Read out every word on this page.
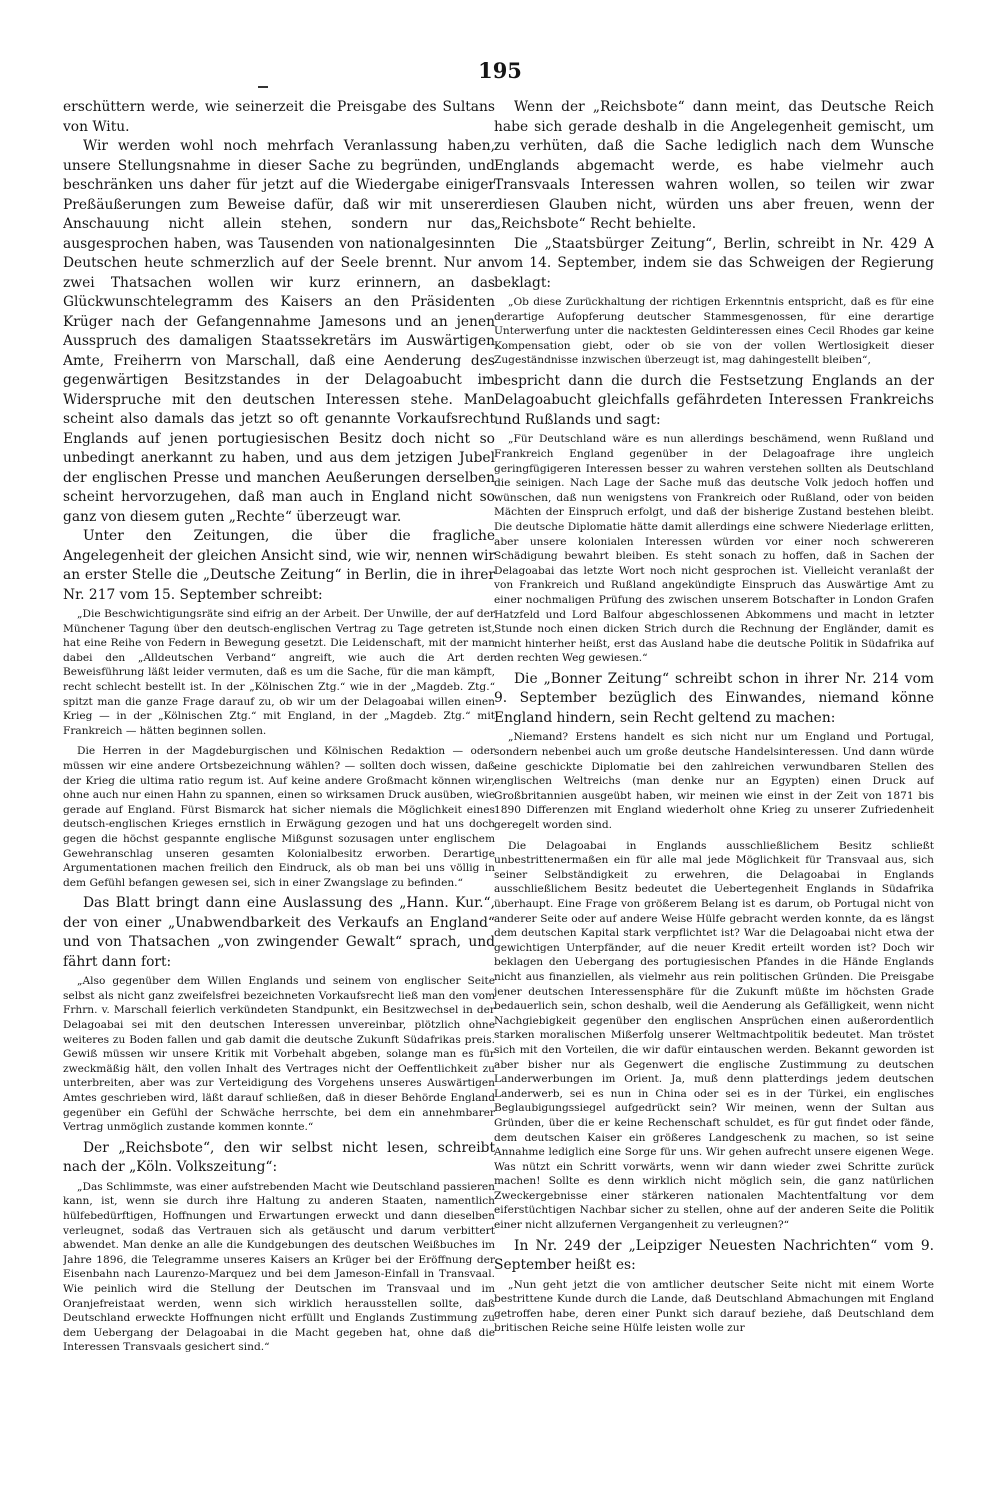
195

erschüttern werde, wie seinerzeit die Preisgabe des Sultans von Witu.

Wir werden wohl noch mehrfach Veranlassung haben, unsere Stellungsnahme in dieser Sache zu begründen, und beschränken uns daher für jetzt auf die Wiedergabe einiger Preßäußerungen zum Beweise dafür, daß wir mit unserer Anschauung nicht allein stehen, sondern nur das ausgesprochen haben, was Tausenden von nationalgesinnten Deutschen heute schmerzlich auf der Seele brennt. Nur an zwei Thatsachen wollen wir kurz erinnern, an das Glückwunschtelegramm des Kaisers an den Präsidenten Krüger nach der Gefangennahme Jamesons und an jenen Ausspruch des damaligen Staatssekretärs im Auswärtigen Amte, Freiherrn von Marschall, daß eine Aenderung des gegenwärtigen Besitzstandes in der Delagoabucht im Widerspruche mit den deutschen Interessen stehe. Man scheint also damals das jetzt so oft genannte Vorkaufsrecht Englands auf jenen portugiesischen Besitz doch nicht so unbedingt anerkannt zu haben, und aus dem jetzigen Jubel der englischen Presse und manchen Aeußerungen derselben scheint hervorzugehen, daß man auch in England nicht so ganz von diesem guten „Rechte“ überzeugt war.

Unter den Zeitungen, die über die fragliche Angelegenheit der gleichen Ansicht sind, wie wir, nennen wir an erster Stelle die „Deutsche Zeitung“ in Berlin, die in ihrer Nr. 217 vom 15. September schreibt:

„Die Beschwichtigungsräte sind eifrig an der Arbeit. Der Unwille, der auf der Münchener Tagung über den deutsch-englischen Vertrag zu Tage getreten ist, hat eine Reihe von Federn in Bewegung gesetzt. Die Leidenschaft, mit der man dabei den „Alldeutschen Verband“ angreift, wie auch die Art der Beweisführung läßt leider vermuten, daß es um die Sache, für die man kämpft, recht schlecht bestellt ist. In der „Kölnischen Ztg.“ wie in der „Magdeb. Ztg.“ spitzt man die ganze Frage darauf zu, ob wir um der Delagoabai willen einen Krieg — in der „Kölnischen Ztg.“ mit England, in der „Magdeb. Ztg.“ mit Frankreich — hätten beginnen sollen.

Die Herren in der Magdeburgischen und Kölnischen Redaktion — oder müssen wir eine andere Ortsbezeichnung wählen? — sollten doch wissen, daß der Krieg die ultima ratio regum ist. Auf keine andere Großmacht können wir, ohne auch nur einen Hahn zu spannen, einen so wirksamen Druck ausüben, wie gerade auf England. Fürst Bismarck hat sicher niemals die Möglichkeit eines deutsch-englischen Krieges ernstlich in Erwägung gezogen und hat uns doch gegen die höchst gespannte englische Mißgunst sozusagen unter englischem Gewehranschlag unseren gesamten Kolonialbesitz erworben. Derartige Argumentationen machen freilich den Eindruck, als ob man bei uns völlig in dem Gefühl befangen gewesen sei, sich in einer Zwangslage zu befinden.“

Das Blatt bringt dann eine Auslassung des „Hann. Kur.“, der von einer „Unabwendbarkeit des Verkaufs an England“ und von Thatsachen „von zwingender Gewalt“ sprach, und fährt dann fort:

„Also gegenüber dem Willen Englands und seinem von englischer Seite selbst als nicht ganz zweifelsfrei bezeichneten Vorkaufsrecht ließ man den vom Frhrn. v. Marschall feierlich verkündeten Standpunkt, ein Besitzwechsel in der Delagoabai sei mit den deutschen Interessen unvereinbar, plötzlich ohne weiteres zu Boden fallen und gab damit die deutsche Zukunft Südafrikas preis. Gewiß müssen wir unsere Kritik mit Vorbehalt abgeben, solange man es für zweckmäßig hält, den vollen Inhalt des Vertrages nicht der Oeffentlichkeit zu unterbreiten, aber was zur Verteidigung des Vorgehens unseres Auswärtigen Amtes geschrieben wird, läßt darauf schließen, daß in dieser Behörde England gegenüber ein Gefühl der Schwäche herrschte, bei dem ein annehmbarer Vertrag unmöglich zustande kommen konnte.“

Der „Reichsbote“, den wir selbst nicht lesen, schreibt nach der „Köln. Volkszeitung“:

„Das Schlimmste, was einer aufstrebenden Macht wie Deutschland passieren kann, ist, wenn sie durch ihre Haltung zu anderen Staaten, namentlich hülfebedürftigen, Hoffnungen und Erwartungen erweckt und dann dieselben verleugnet, sodaß das Vertrauen sich als getäuscht und darum verbittert abwendet. Man denke an alle die Kundgebungen des deutschen Weißbuches im Jahre 1896, die Telegramme unseres Kaisers an Krüger bei der Eröffnung der Eisenbahn nach Laurenzo-Marquez und bei dem Jameson-Einfall in Transvaal. Wie peinlich wird die Stellung der Deutschen im Transvaal und im Oranjefreistaat werden, wenn sich wirklich herausstellen sollte, daß Deutschland erweckte Hoffnungen nicht erfüllt und Englands Zustimmung zu dem Uebergang der Delagoabai in die Macht gegeben hat, ohne daß die Interessen Transvaals gesichert sind.“

Wenn der „Reichsbote“ dann meint, das Deutsche Reich habe sich gerade deshalb in die Angelegenheit gemischt, um zu verhüten, daß die Sache lediglich nach dem Wunsche Englands abgemacht werde, es habe vielmehr auch Transvaals Interessen wahren wollen, so teilen wir zwar diesen Glauben nicht, würden uns aber freuen, wenn der „Reichsbote“ Recht behielte.

Die „Staatsbürger Zeitung“, Berlin, schreibt in Nr. 429 A vom 14. September, indem sie das Schweigen der Regierung beklagt:

„Ob diese Zurückhaltung der richtigen Erkenntnis entspricht, daß es für eine derartige Aufopferung deutscher Stammesgenossen, für eine derartige Unterwerfung unter die nacktesten Geldinteressen eines Cecil Rhodes gar keine Kompensation giebt, oder ob sie von der vollen Wertlosigkeit dieser Zugeständnisse inzwischen überzeugt ist, mag dahingestellt bleiben“,

bespricht dann die durch die Festsetzung Englands an der Delagoabucht gleichfalls gefährdeten Interessen Frankreichs und Rußlands und sagt:

„Für Deutschland wäre es nun allerdings beschämend, wenn Rußland und Frankreich England gegenüber in der Delagoafrage ihre ungleich geringfügigeren Interessen besser zu wahren verstehen sollten als Deutschland die seinigen. Nach Lage der Sache muß das deutsche Volk jedoch hoffen und wünschen, daß nun wenigstens von Frankreich oder Rußland, oder von beiden Mächten der Einspruch erfolgt, und daß der bisherige Zustand bestehen bleibt. Die deutsche Diplomatie hätte damit allerdings eine schwere Niederlage erlitten, aber unsere kolonialen Interessen würden vor einer noch schwereren Schädigung bewahrt bleiben. Es steht sonach zu hoffen, daß in Sachen der Delagoabai das letzte Wort noch nicht gesprochen ist. Vielleicht veranlaßt der von Frankreich und Rußland angekündigte Einspruch das Auswärtige Amt zu einer nochmaligen Prüfung des zwischen unserem Botschafter in London Grafen Hatzfeld und Lord Balfour abgeschlossenen Abkommens und macht in letzter Stunde noch einen dicken Strich durch die Rechnung der Engländer, damit es nicht hinterher heißt, erst das Ausland habe die deutsche Politik in Südafrika auf den rechten Weg gewiesen.“

Die „Bonner Zeitung“ schreibt schon in ihrer Nr. 214 vom 9. September bezüglich des Einwandes, niemand könne England hindern, sein Recht geltend zu machen:

„Niemand? Erstens handelt es sich nicht nur um England und Portugal, sondern nebenbei auch um große deutsche Handelsinteressen. Und dann würde eine geschickte Diplomatie bei den zahlreichen verwundbaren Stellen des englischen Weltreichs (man denke nur an Egypten) einen Druck auf Großbritannien ausgeübt haben, wir meinen wie einst in der Zeit von 1871 bis 1890 Differenzen mit England wiederholt ohne Krieg zu unserer Zufriedenheit geregelt worden sind.

Die Delagoabai in Englands ausschließlichem Besitz schließt unbestrittenermaßen ein für alle mal jede Möglichkeit für Transvaal aus, sich seiner Selbständigkeit zu erwehren, die Delagoabai in Englands ausschließlichem Besitz bedeutet die Uebertegenheit Englands in Südafrika überhaupt. Eine Frage von größerem Belang ist es darum, ob Portugal nicht von anderer Seite oder auf andere Weise Hülfe gebracht werden konnte, da es längst dem deutschen Kapital stark verpflichtet ist? War die Delagoabai nicht etwa der gewichtigen Unterpfänder, auf die neuer Kredit erteilt worden ist? Doch wir beklagen den Uebergang des portugiesischen Pfandes in die Hände Englands nicht aus finanziellen, als vielmehr aus rein politischen Gründen. Die Preisgabe jener deutschen Interessensphäre für die Zukunft müßte im höchsten Grade bedauerlich sein, schon deshalb, weil die Aenderung als Gefälligkeit, wenn nicht Nachgiebigkeit gegenüber den englischen Ansprüchen einen außerordentlich starken moralischen Mißerfolg unserer Weltmachtpolitik bedeutet. Man tröstet sich mit den Vorteilen, die wir dafür eintauschen werden. Bekannt geworden ist aber bisher nur als Gegenwert die englische Zustimmung zu deutschen Landerwerbungen im Orient. Ja, muß denn platterdings jedem deutschen Landerwerb, sei es nun in China oder sei es in der Türkei, ein englisches Beglaubigungssiegel aufgedrückt sein? Wir meinen, wenn der Sultan aus Gründen, über die er keine Rechenschaft schuldet, es für gut findet oder fände, dem deutschen Kaiser ein größeres Landgeschenk zu machen, so ist seine Annahme lediglich eine Sorge für uns. Wir gehen aufrecht unsere eigenen Wege. Was nützt ein Schritt vorwärts, wenn wir dann wieder zwei Schritte zurück machen! Sollte es denn wirklich nicht möglich sein, die ganz natürlichen Zweckergebnisse einer stärkeren nationalen Machtentfaltung vor dem eiferstüchtigen Nachbar sicher zu stellen, ohne auf der anderen Seite die Politik einer nicht allzufernen Vergangenheit zu verleugnen?“

In Nr. 249 der „Leipziger Neuesten Nachrichten“ vom 9. September heißt es:

„Nun geht jetzt die von amtlicher deutscher Seite nicht mit einem Worte bestrittene Kunde durch die Lande, daß Deutschland Abmachungen mit England getroffen habe, deren einer Punkt sich darauf beziehe, daß Deutschland dem britischen Reiche seine Hülfe leisten wolle zur
